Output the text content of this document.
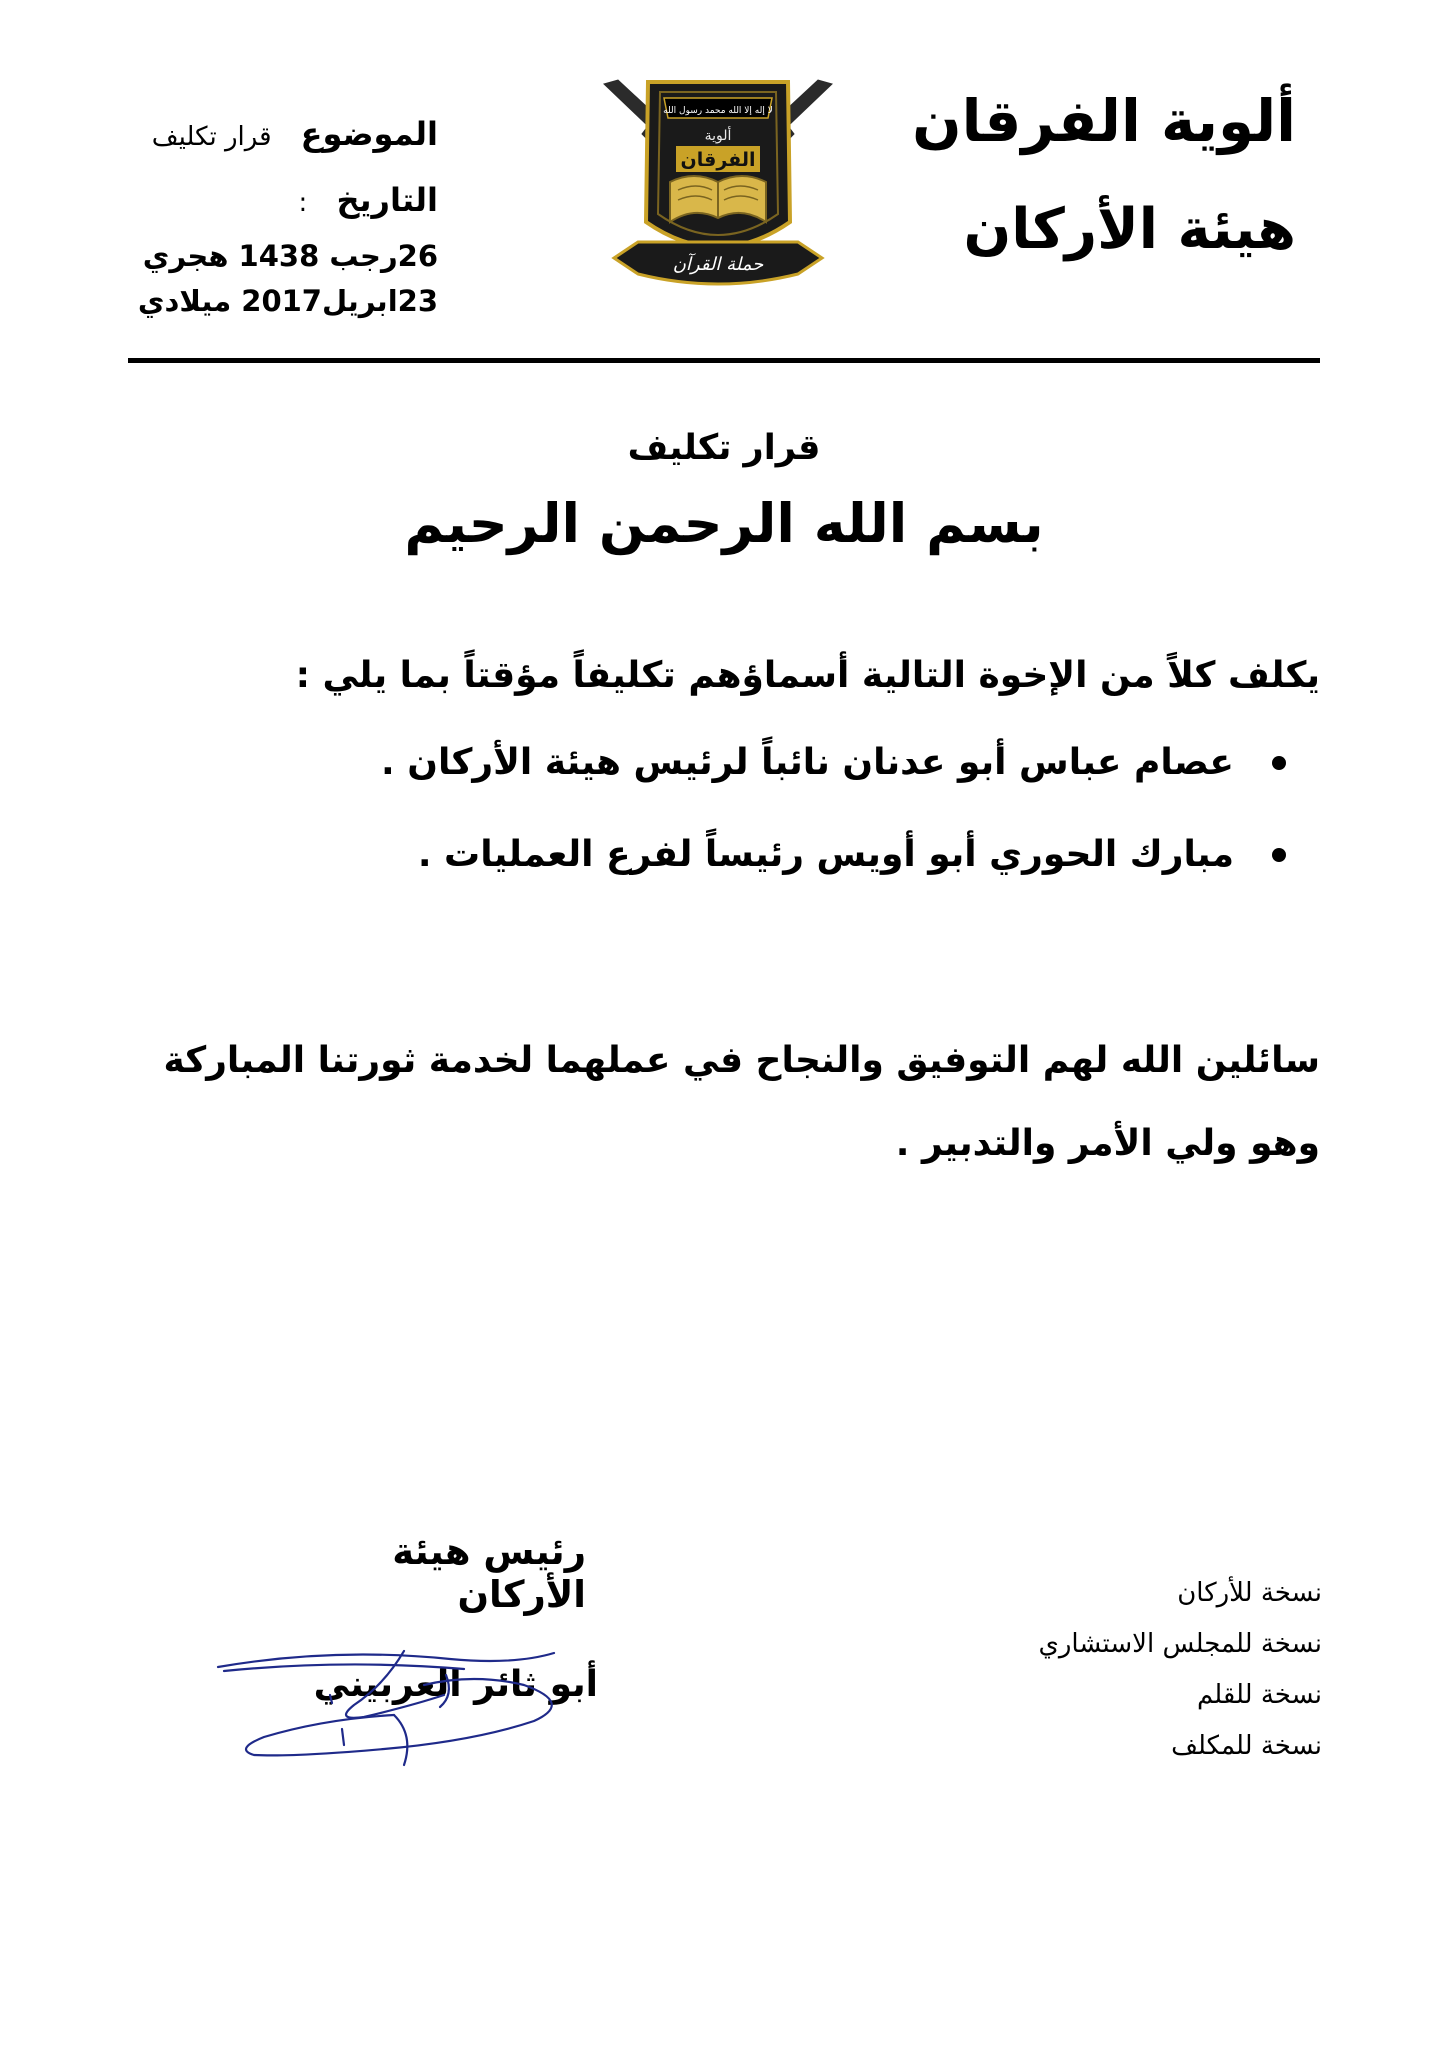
ألوية الفرقان
هيئة الأركان
لا إله إلا الله محمد رسول الله
ألوية
الفرقان
حملة القرآن
الموضوع قرار تكليف
التاريخ :
26رجب 1438 هجري
23ابريل2017 ميلادي
قرار تكليف
بسم الله الرحمن الرحيم
يكلف كلاً من الإخوة التالية أسماؤهم تكليفاً مؤقتاً بما يلي :
عصام عباس أبو عدنان نائباً لرئيس هيئة الأركان .
مبارك الحوري أبو أويس رئيساً لفرع العمليات .
سائلين الله لهم التوفيق والنجاح في عملهما لخدمة ثورتنا المباركة
وهو ولي الأمر والتدبير .
رئيس هيئة الأركان
أبو ثائر العربيني
نسخة للأركان
نسخة للمجلس الاستشاري
نسخة للقلم
نسخة للمكلف
